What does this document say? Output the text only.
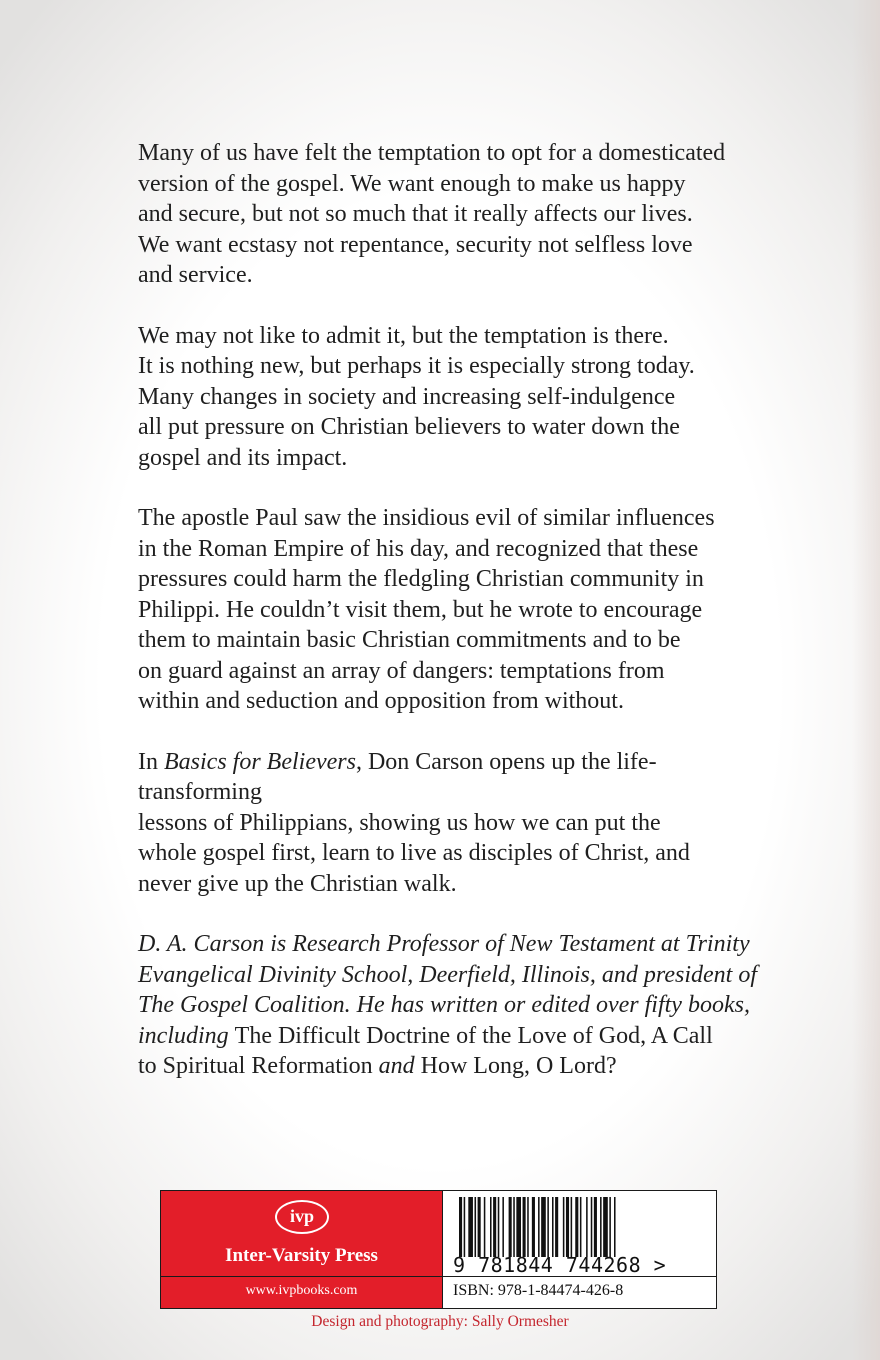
Many of us have felt the temptation to opt for a domesticated
version of the gospel. We want enough to make us happy
and secure, but not so much that it really affects our lives.
We want ecstasy not repentance, security not selfless love
and service.

We may not like to admit it, but the temptation is there.
It is nothing new, but perhaps it is especially strong today.
Many changes in society and increasing self-indulgence
all put pressure on Christian believers to water down the
gospel and its impact.

The apostle Paul saw the insidious evil of similar influences
in the Roman Empire of his day, and recognized that these
pressures could harm the fledgling Christian community in
Philippi. He couldn’t visit them, but he wrote to encourage
them to maintain basic Christian commitments and to be
on guard against an array of dangers: temptations from
within and seduction and opposition from without.

In Basics for Believers, Don Carson opens up the life-transforming
lessons of Philippians, showing us how we can put the
whole gospel first, learn to live as disciples of Christ, and
never give up the Christian walk.

D. A. Carson is Research Professor of New Testament at Trinity
Evangelical Divinity School, Deerfield, Illinois, and president of
The Gospel Coalition. He has written or edited over fifty books,
including The Difficult Doctrine of the Love of God, A Call
to Spiritual Reformation and How Long, O Lord?

ivp
Inter-Varsity Press
www.ivpbooks.com
9 781844 744268 >
ISBN: 978-1-84474-426-8
Design and photography: Sally Ormesher
